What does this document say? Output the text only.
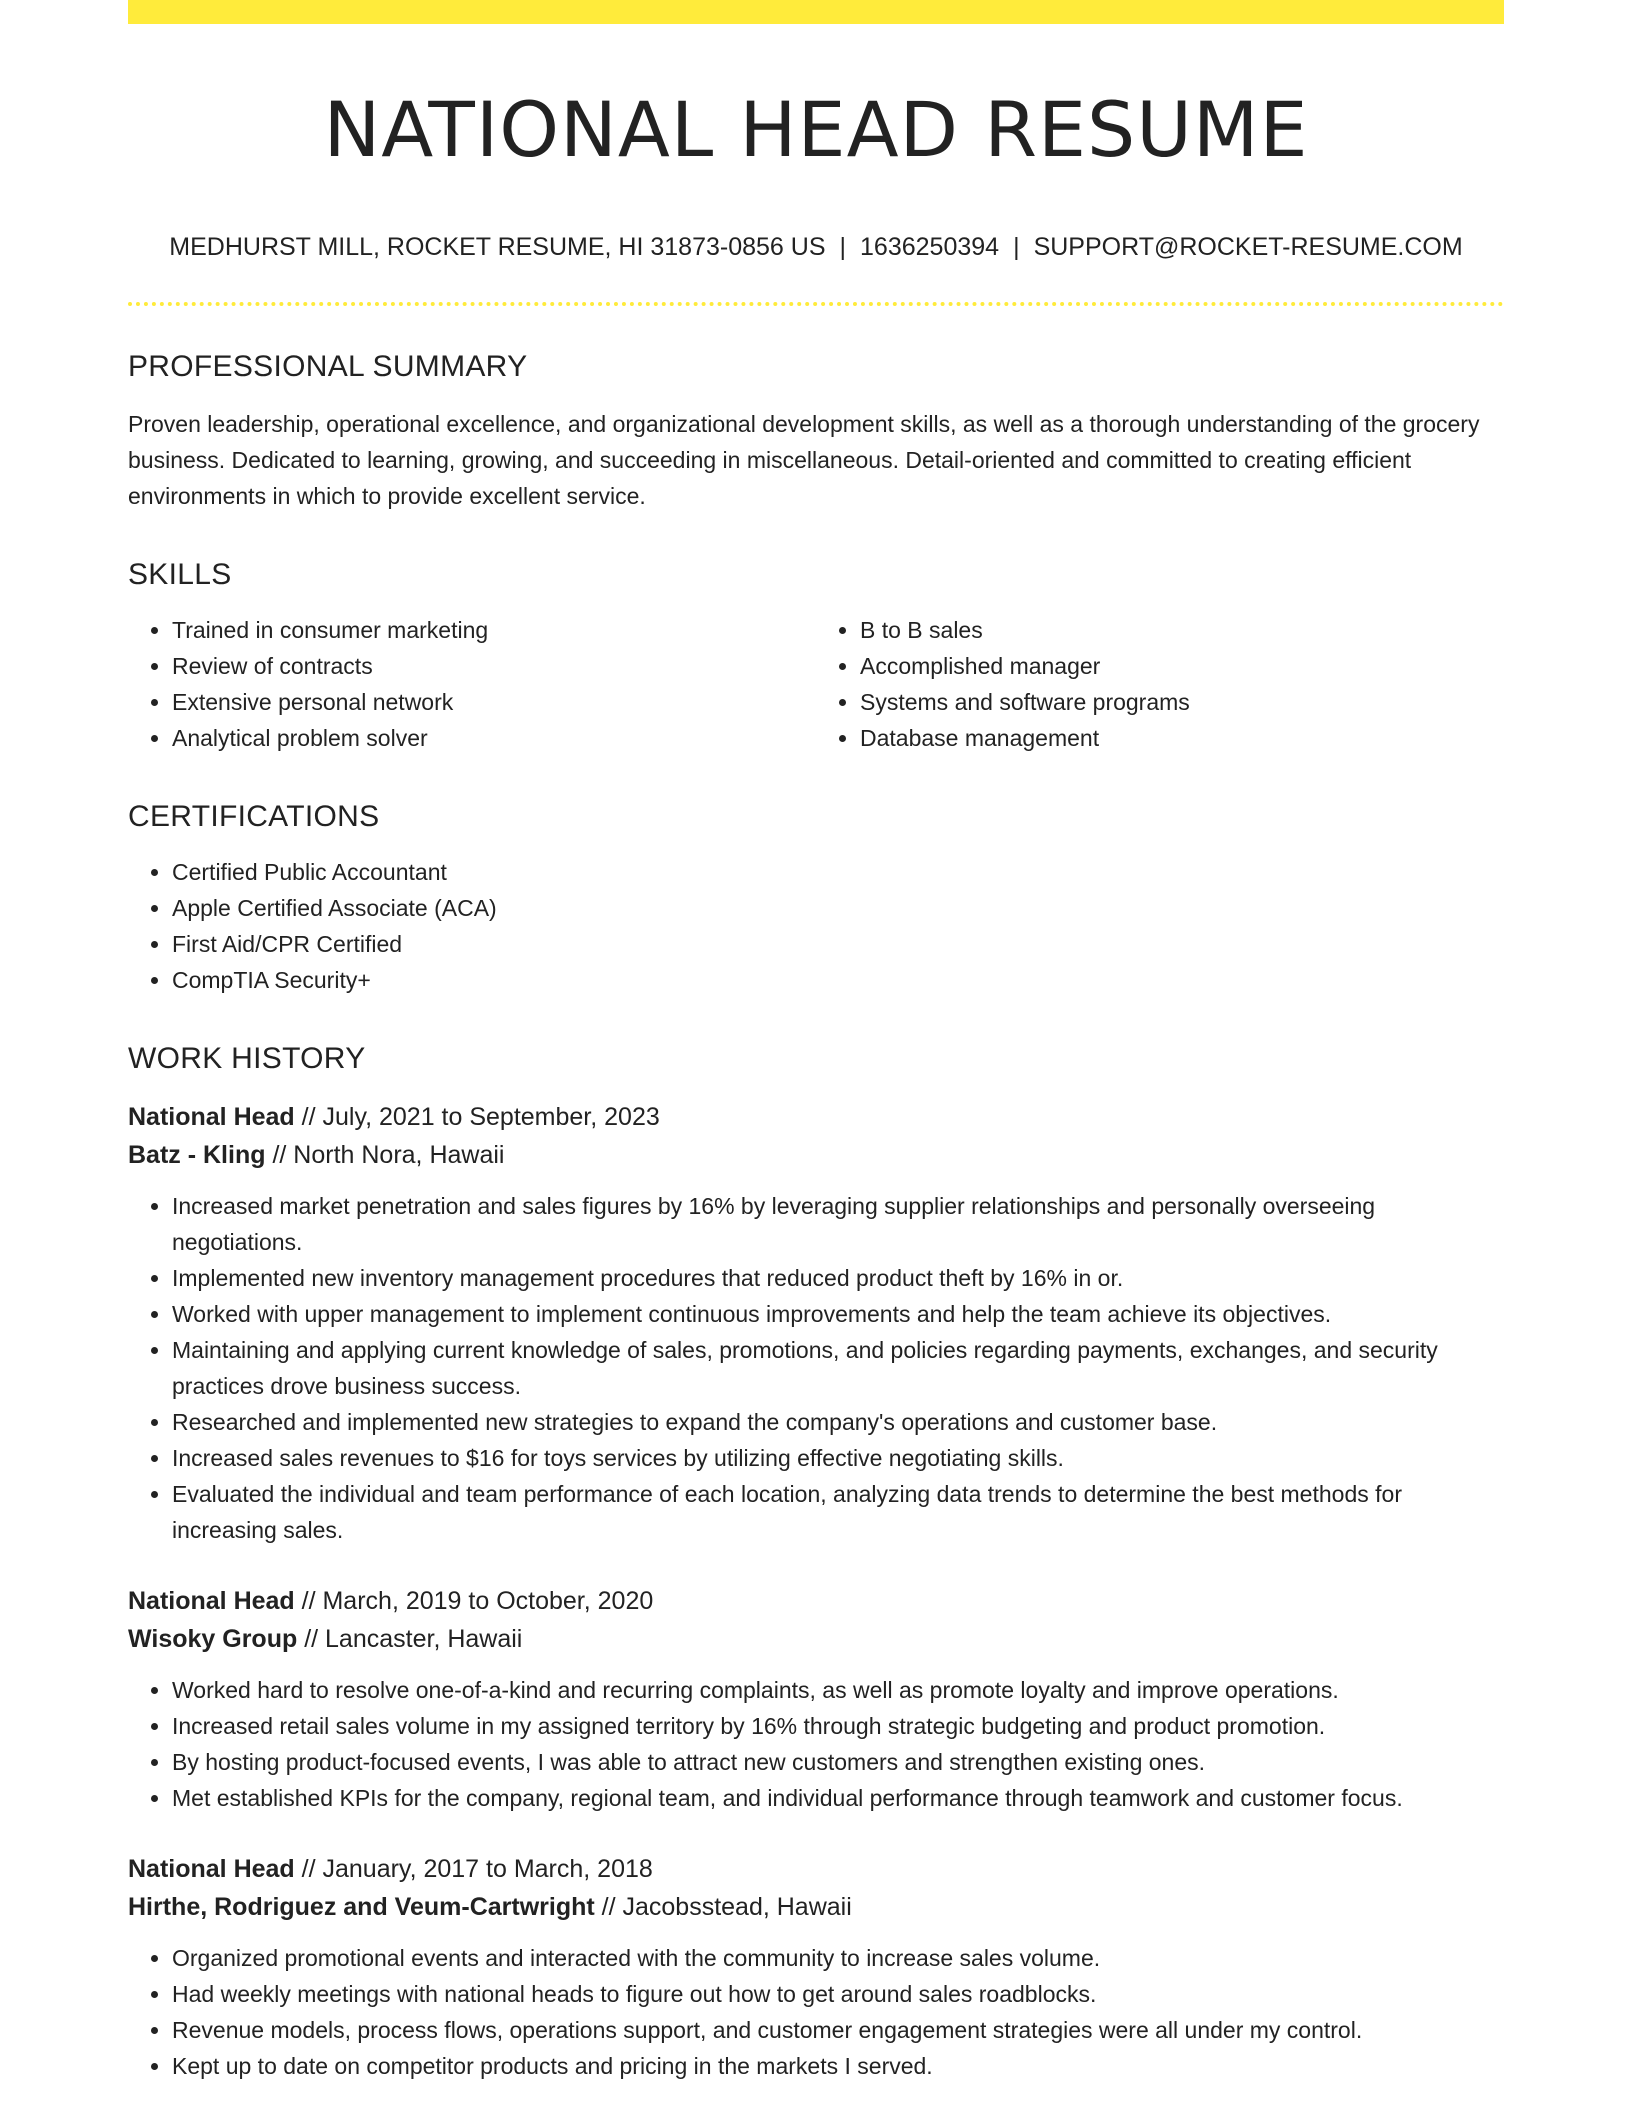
NATIONAL HEAD RESUME
MEDHURST MILL, ROCKET RESUME, HI 31873-0856 US | 1636250394 | SUPPORT@ROCKET-RESUME.COM
PROFESSIONAL SUMMARY

Proven leadership, operational excellence, and organizational development skills, as well as a thorough understanding of the grocery business. Dedicated to learning, growing, and succeeding in miscellaneous. Detail-oriented and committed to creating efficient environments in which to provide excellent service.

SKILLS
• Trained in consumer marketing
• Review of contracts
• Extensive personal network
• Analytical problem solver
• B to B sales
• Accomplished manager
• Systems and software programs
• Database management
CERTIFICATIONS
• Certified Public Accountant
• Apple Certified Associate (ACA)
• First Aid/CPR Certified
• CompTIA Security+
WORK HISTORY
National Head // July, 2021 to September, 2023
Batz - Kling // North Nora, Hawaii
• Increased market penetration and sales figures by 16% by leveraging supplier relationships and personally overseeing negotiations.
• Implemented new inventory management procedures that reduced product theft by 16% in or.
• Worked with upper management to implement continuous improvements and help the team achieve its objectives.
• Maintaining and applying current knowledge of sales, promotions, and policies regarding payments, exchanges, and security practices drove business success.
• Researched and implemented new strategies to expand the company's operations and customer base.
• Increased sales revenues to $16 for toys services by utilizing effective negotiating skills.
• Evaluated the individual and team performance of each location, analyzing data trends to determine the best methods for increasing sales.
National Head // March, 2019 to October, 2020
Wisoky Group // Lancaster, Hawaii
• Worked hard to resolve one-of-a-kind and recurring complaints, as well as promote loyalty and improve operations.
• Increased retail sales volume in my assigned territory by 16% through strategic budgeting and product promotion.
• By hosting product-focused events, I was able to attract new customers and strengthen existing ones.
• Met established KPIs for the company, regional team, and individual performance through teamwork and customer focus.
National Head // January, 2017 to March, 2018
Hirthe, Rodriguez and Veum-Cartwright // Jacobsstead, Hawaii
• Organized promotional events and interacted with the community to increase sales volume.
• Had weekly meetings with national heads to figure out how to get around sales roadblocks.
• Revenue models, process flows, operations support, and customer engagement strategies were all under my control.
• Kept up to date on competitor products and pricing in the markets I served.
